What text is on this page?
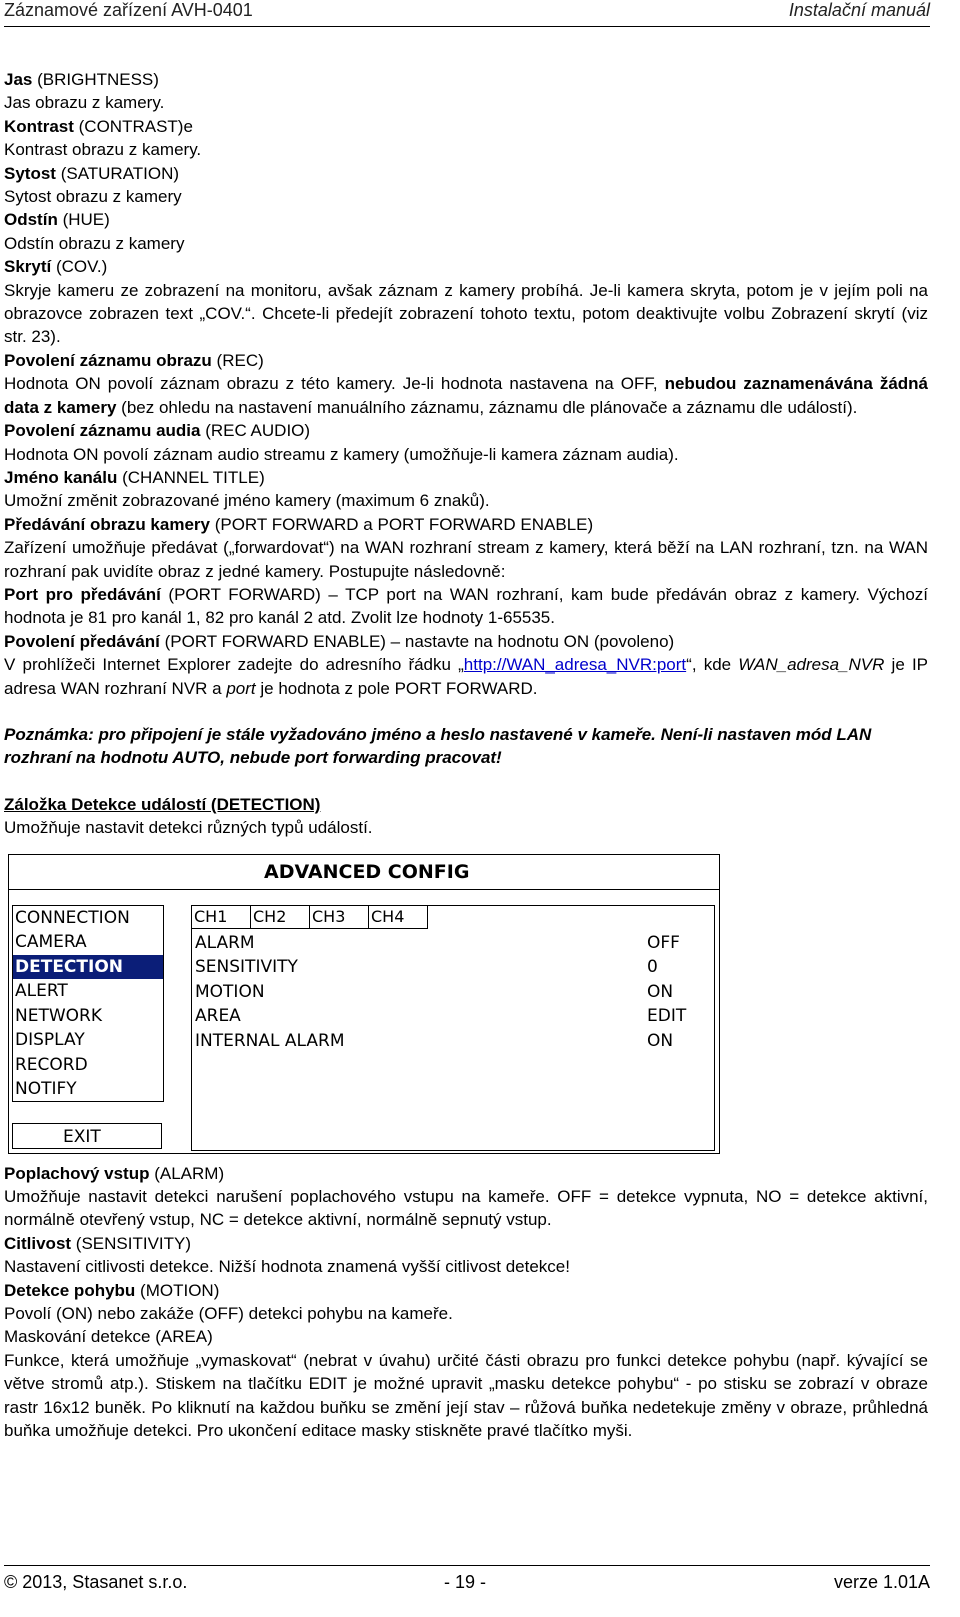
Záznamové zařízení AVH-0401	Instalační manuál

Jas (BRIGHTNESS)

Jas obrazu z kamery.

Kontrast (CONTRAST)e

Kontrast obrazu z kamery.

Sytost (SATURATION)

Sytost obrazu z kamery

Odstín (HUE)

Odstín obrazu z kamery

Skrytí (COV.)

Skryje kameru ze zobrazení na monitoru, avšak záznam z kamery probíhá. Je-li kamera skryta, potom je v jejím poli na obrazovce zobrazen text „COV.“. Chcete-li předejít zobrazení tohoto textu, potom deaktivujte volbu Zobrazení skrytí (viz str. 23).

Povolení záznamu obrazu (REC)

Hodnota ON povolí záznam obrazu z této kamery. Je-li hodnota nastavena na OFF, nebudou zaznamenávána žádná data z kamery (bez ohledu na nastavení manuálního záznamu, záznamu dle plánovače a záznamu dle událostí).

Povolení záznamu audia (REC AUDIO)

Hodnota ON povolí záznam audio streamu z kamery (umožňuje-li kamera záznam audia).

Jméno kanálu (CHANNEL TITLE)

Umožní změnit zobrazované jméno kamery (maximum 6 znaků).

Předávání obrazu kamery (PORT FORWARD a PORT FORWARD ENABLE)

Zařízení umožňuje předávat („forwardovat“) na WAN rozhraní stream z kamery, která běží na LAN rozhraní, tzn. na WAN rozhraní pak uvidíte obraz z jedné kamery. Postupujte následovně:

Port pro předávání (PORT FORWARD) – TCP port na WAN rozhraní, kam bude předáván obraz z kamery. Výchozí hodnota je 81 pro kanál 1, 82 pro kanál 2 atd. Zvolit lze hodnoty 1-65535.

Povolení předávání (PORT FORWARD ENABLE) – nastavte na hodnotu ON (povoleno)

V prohlížeči Internet Explorer zadejte do adresního řádku „http://WAN_adresa_NVR:port“, kde WAN_adresa_NVR je IP adresa WAN rozhraní NVR a port je hodnota z pole PORT FORWARD.

Poznámka: pro připojení je stále vyžadováno jméno a heslo nastavené v kameře. Není-li nastaven mód LAN rozhraní na hodnotu AUTO, nebude port forwarding pracovat!

Záložka Detekce událostí (DETECTION)

Umožňuje nastavit detekci různých typů událostí.

ADVANCED CONFIG
CONNECTION
CAMERA
DETECTION
ALERT
NETWORK
DISPLAY
RECORD
NOTIFY
EXIT
CH1	CH2	CH3	CH4
ALARM	OFF
SENSITIVITY	0
MOTION	ON
AREA	EDIT
INTERNAL ALARM	ON

Poplachový vstup (ALARM)

Umožňuje nastavit detekci narušení poplachového vstupu na kameře. OFF = detekce vypnuta, NO = detekce aktivní, normálně otevřený vstup, NC = detekce aktivní, normálně sepnutý vstup.

Citlivost (SENSITIVITY)

Nastavení citlivosti detekce. Nižší hodnota znamená vyšší citlivost detekce!

Detekce pohybu (MOTION)

Povolí (ON) nebo zakáže (OFF) detekci pohybu na kameře.

Maskování detekce (AREA)

Funkce, která umožňuje „vymaskovat“ (nebrat v úvahu) určité části obrazu pro funkci detekce pohybu (např. kývající se větve stromů atp.). Stiskem na tlačítku EDIT je možné upravit „masku detekce pohybu“ - po stisku se zobrazí v obraze rastr 16x12 buněk. Po kliknutí na každou buňku se změní její stav – růžová buňka nedetekuje změny v obraze, průhledná buňka umožňuje detekci. Pro ukončení editace masky stiskněte pravé tlačítko myši.

© 2013, Stasanet s.r.o.	- 19 -	verze 1.01A
